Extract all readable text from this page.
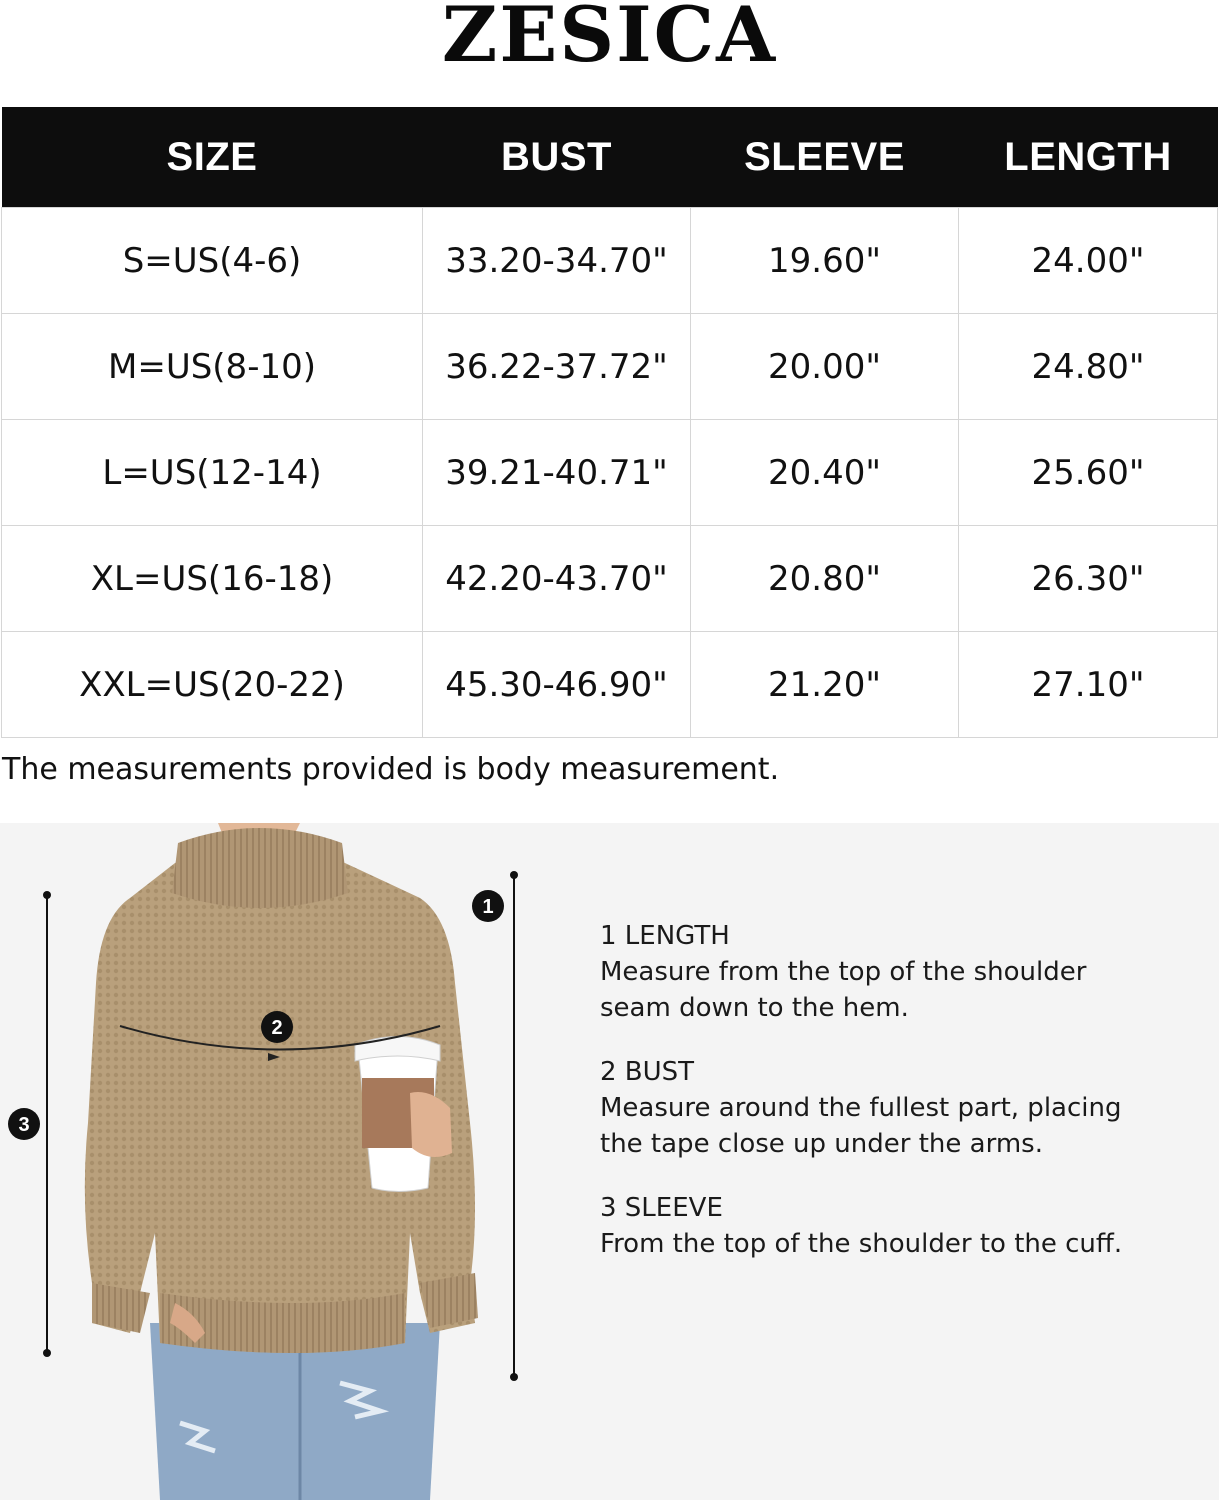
ZESICA
SIZE	BUST	SLEEVE	LENGTH
S=US(4-6)	33.20-34.70"	19.60"	24.00"
M=US(8-10)	36.22-37.72"	20.00"	24.80"
L=US(12-14)	39.21-40.71"	20.40"	25.60"
XL=US(16-18)	42.20-43.70"	20.80"	26.30"
XXL=US(20-22)	45.30-46.90"	21.20"	27.10"
The measurements provided is body measurement.
3
1
2
1 LENGTH
Measure from the top of the shoulder seam down to the hem.
2 BUST
Measure around the fullest part, placing the tape close up under the arms.
3 SLEEVE
From the top of the shoulder to the cuff.
